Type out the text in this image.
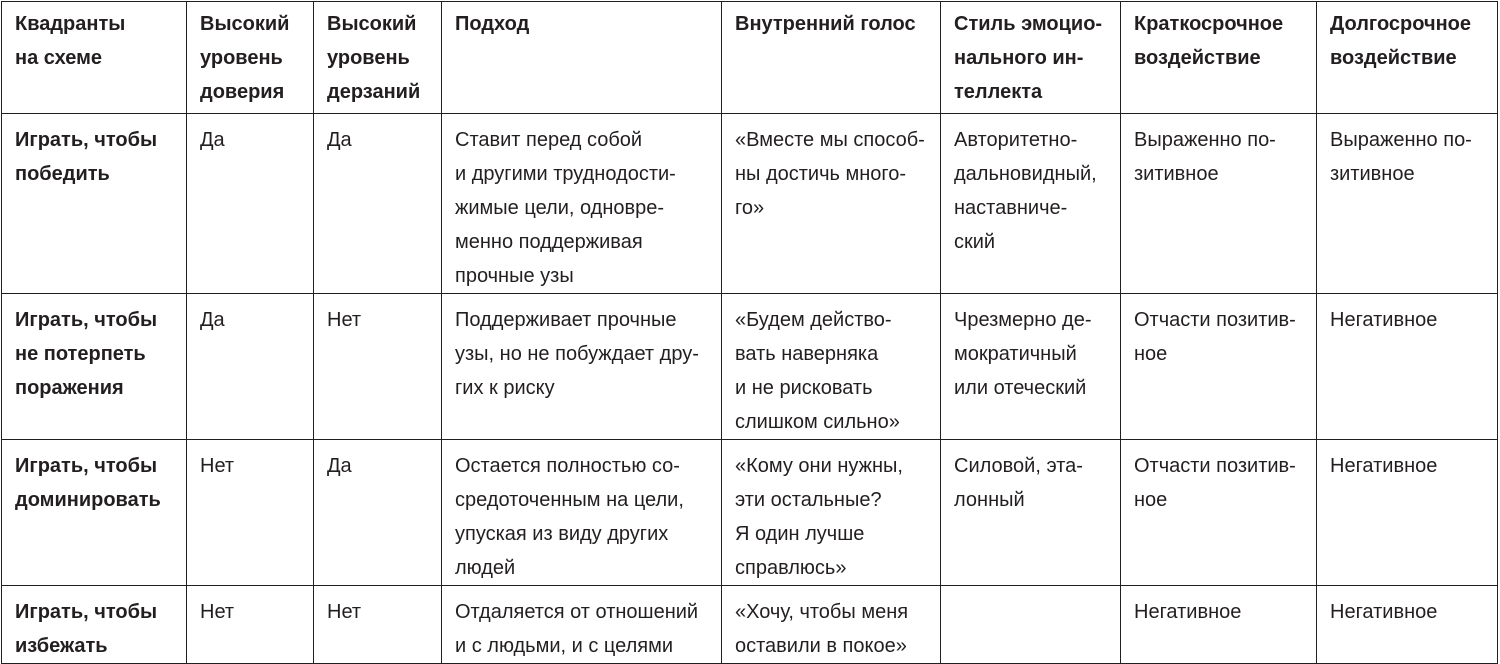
Квадранты
на схеме	Высокий
уровень
доверия	Высокий
уровень
дерзаний	Подход	Внутренний голос	Стиль эмоцио-
нального ин-
теллекта	Краткосрочное
воздействие	Долгосрочное
воздействие

Играть, чтобы
победить	Да	Да	Ставит перед собой
и другими труднодости-
жимые цели, одновре-
менно поддерживая
прочные узы	«Вместе мы способ-
ны достичь много-
го»	Авторитетно-
дальновидный,
наставниче-
ский	Выраженно по-
зитивное	Выраженно по-
зитивное

Играть, чтобы
не потерпеть
поражения	Да	Нет	Поддерживает прочные
узы, но не побуждает дру-
гих к риску	«Будем действо-
вать наверняка
и не рисковать
слишком сильно»	Чрезмерно де-
мократичный
или отеческий	Отчасти позитив-
ное	Негативное

Играть, чтобы
доминировать	Нет	Да	Остается полностью со-
средоточенным на цели,
упуская из виду других
людей	«Кому они нужны,
эти остальные?
Я один лучше
справлюсь»	Силовой, эта-
лонный	Отчасти позитив-
ное	Негативное

Играть, чтобы
избежать	Нет	Нет	Отдаляется от отношений
и с людьми, и с целями	«Хочу, чтобы меня
оставили в покое»		Негативное	Негативное
